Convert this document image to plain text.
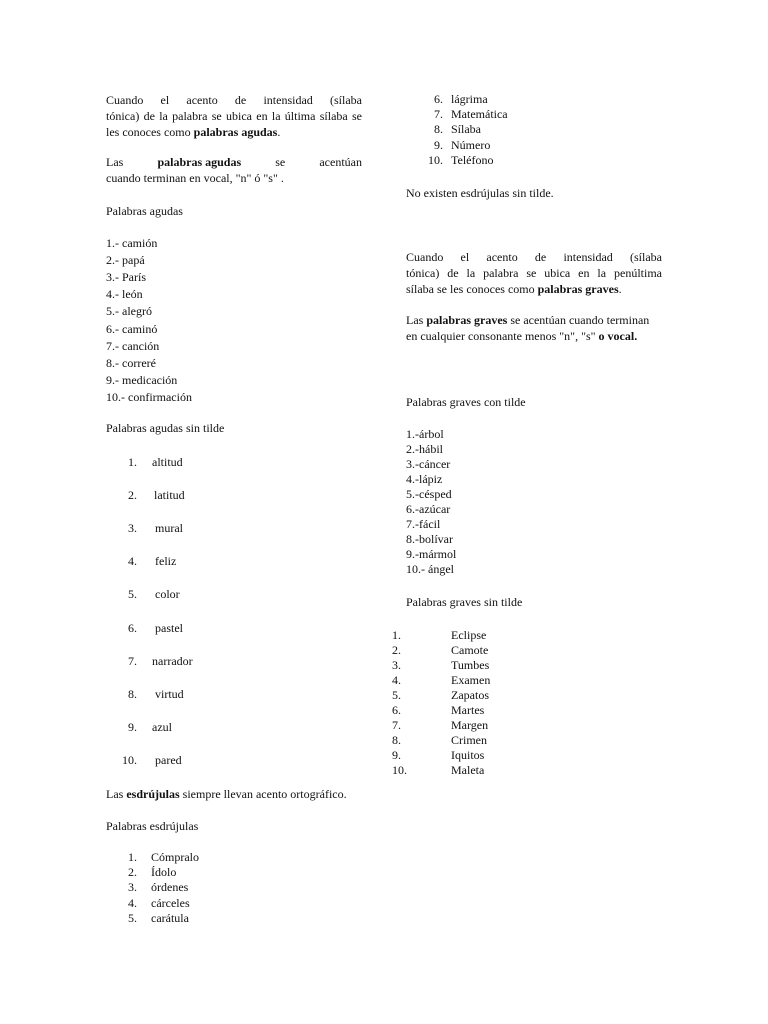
Cuando el acento de intensidad (sílaba

tónica) de la palabra se ubica en la última sílaba se

les conoces como palabras agudas.

Las	palabras agudas	se	acentúan

cuando terminan en vocal, "n" ó "s" .

Palabras agudas

1.- camión

2.- papá

3.- París

4.- león

5.- alegró

6.- caminó

7.- canción

8.- correré

9.- medicación

10.- confirmación

Palabras agudas sin tilde

1. altitud
2. latitud
3. mural
4. feliz
5. color
6. pastel
7. narrador
8. virtud
9. azul
10. pared

Las esdrújulas siempre llevan acento ortográfico.

Palabras esdrújulas

1. Cómpralo
2. Ídolo
3. órdenes
4. cárceles
5. carátula
6. lágrima
7. Matemática
8. Sílaba
9. Número
10. Teléfono

No existen esdrújulas sin tilde.

Cuando el acento de intensidad (sílaba

tónica) de la palabra se ubica en la penúltima

sílaba se les conoces como palabras graves.

Las palabras graves se acentúan cuando terminan

en cualquier consonante menos "n", "s" o vocal.

Palabras graves con tilde

1.-árbol

2.-hábil

3.-cáncer

4.-lápiz

5.-césped

6.-azúcar

7.-fácil

8.-bolívar

9.-mármol

10.- ángel

Palabras graves sin tilde

1.	Eclipse
2.	Camote
3.	Tumbes
4.	Examen
5.	Zapatos
6.	Martes
7.	Margen
8.	Crimen
9.	Iquitos
10.	Maleta
